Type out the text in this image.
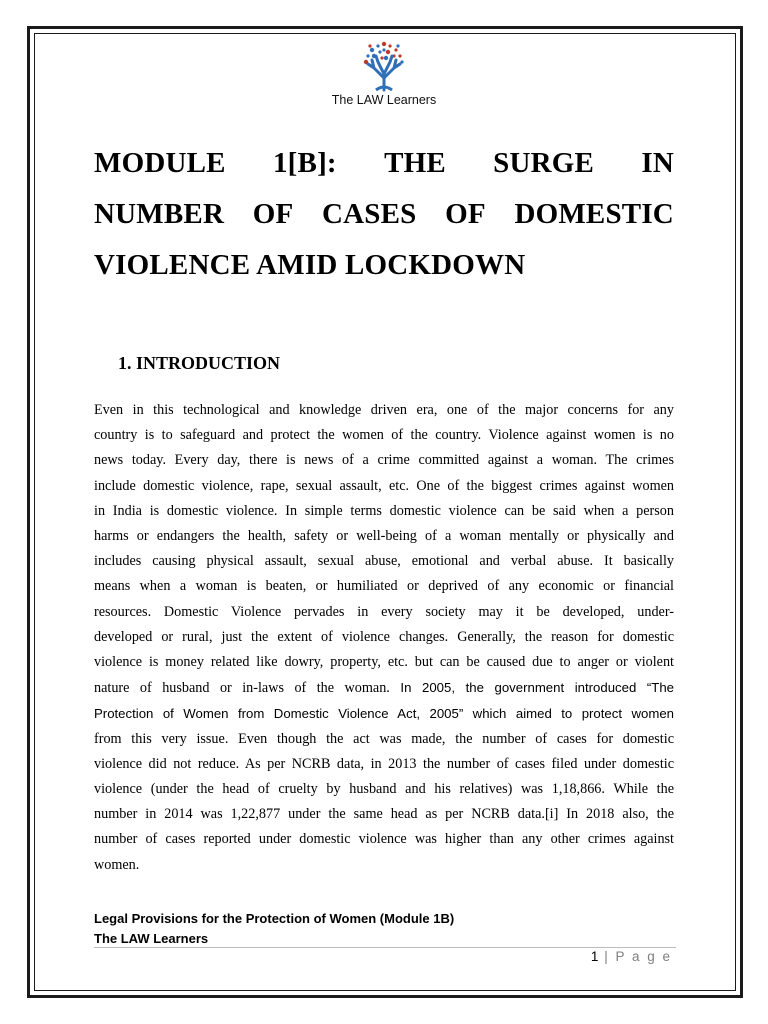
The LAW Learners
MODULE 1[B]: THE SURGE IN
NUMBER OF CASES OF DOMESTIC
VIOLENCE AMID LOCKDOWN
1. INTRODUCTION

Even in this technological and knowledge driven era, one of the major concerns for any
country is to safeguard and protect the women of the country. Violence against women is no
news today. Every day, there is news of a crime committed against a woman. The crimes
include domestic violence, rape, sexual assault, etc. One of the biggest crimes against women
in India is domestic violence. In simple terms domestic violence can be said when a person
harms or endangers the health, safety or well-being of a woman mentally or physically and
includes causing physical assault, sexual abuse, emotional and verbal abuse. It basically
means when a woman is beaten, or humiliated or deprived of any economic or financial
resources. Domestic Violence pervades in every society may it be developed, under-
developed or rural, just the extent of violence changes. Generally, the reason for domestic
violence is money related like dowry, property, etc. but can be caused due to anger or violent
nature of husband or in-laws of the woman. In 2005, the government introduced “The
Protection of Women from Domestic Violence Act, 2005” which aimed to protect women
from this very issue. Even though the act was made, the number of cases for domestic
violence did not reduce. As per NCRB data, in 2013 the number of cases filed under domestic
violence (under the head of cruelty by husband and his relatives) was 1,18,866. While the
number in 2014 was 1,22,877 under the same head as per NCRB data.[i] In 2018 also, the
number of cases reported under domestic violence was higher than any other crimes against
women.

Legal Provisions for the Protection of Women (Module 1B)
The LAW Learners
1 | P a g e
